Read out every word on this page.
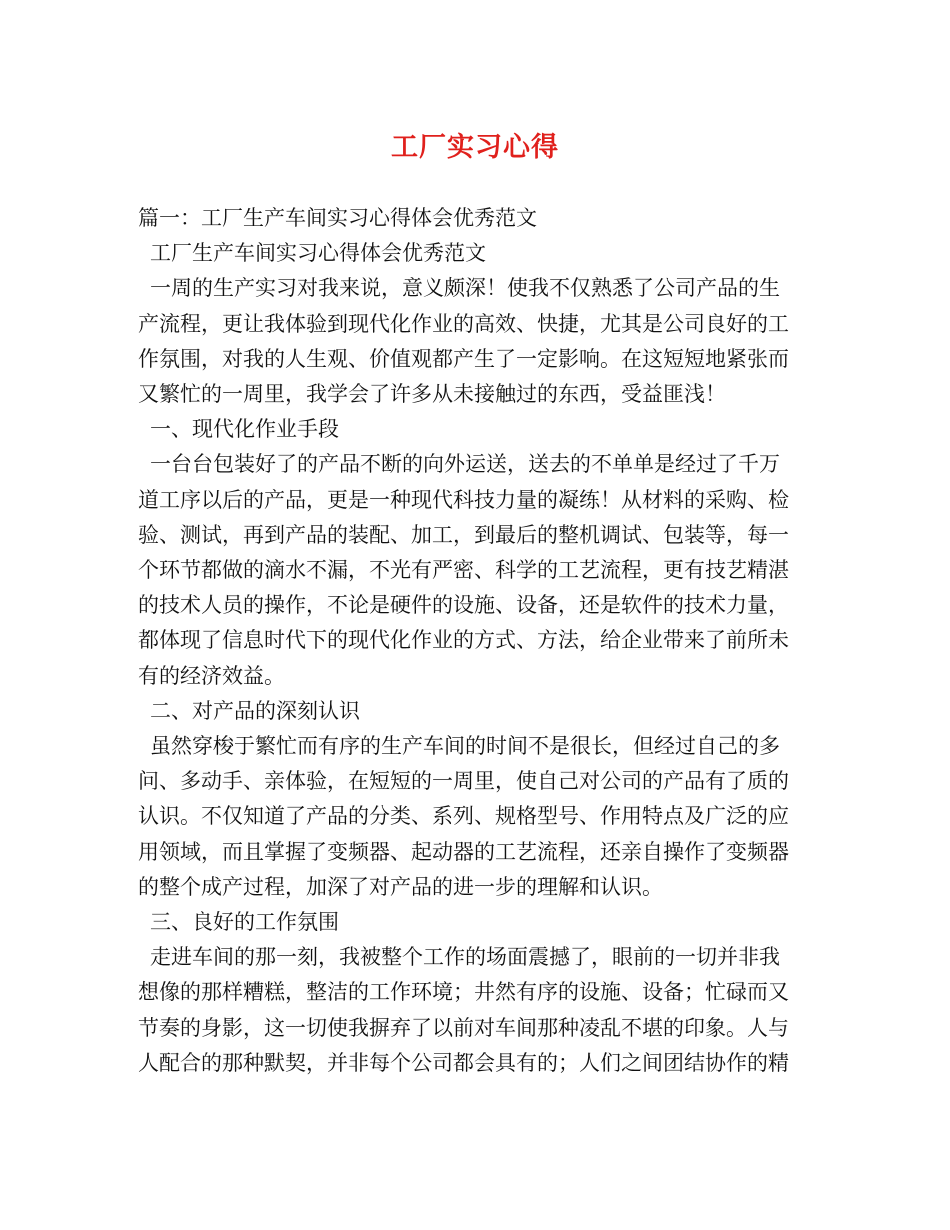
工厂实习心得
篇一：工厂生产车间实习心得体会优秀范文
工厂生产车间实习心得体会优秀范文
一周的生产实习对我来说，意义颇深！使我不仅熟悉了公司产品的生
产流程，更让我体验到现代化作业的高效、快捷，尤其是公司良好的工
作氛围，对我的人生观、价值观都产生了一定影响。在这短短地紧张而
又繁忙的一周里，我学会了许多从未接触过的东西，受益匪浅！
一、现代化作业手段
一台台包装好了的产品不断的向外运送，送去的不单单是经过了千万
道工序以后的产品，更是一种现代科技力量的凝练！从材料的采购、检
验、测试，再到产品的装配、加工，到最后的整机调试、包装等，每一
个环节都做的滴水不漏，不光有严密、科学的工艺流程，更有技艺精湛
的技术人员的操作，不论是硬件的设施、设备，还是软件的技术力量，
都体现了信息时代下的现代化作业的方式、方法，给企业带来了前所未
有的经济效益。
二、对产品的深刻认识
虽然穿梭于繁忙而有序的生产车间的时间不是很长，但经过自己的多
问、多动手、亲体验，在短短的一周里，使自己对公司的产品有了质的
认识。不仅知道了产品的分类、系列、规格型号、作用特点及广泛的应
用领域，而且掌握了变频器、起动器的工艺流程，还亲自操作了变频器
的整个成产过程，加深了对产品的进一步的理解和认识。
三、良好的工作氛围
走进车间的那一刻，我被整个工作的场面震撼了，眼前的一切并非我
想像的那样糟糕，整洁的工作环境；井然有序的设施、设备；忙碌而又
节奏的身影，这一切使我摒弃了以前对车间那种凌乱不堪的印象。人与
人配合的那种默契，并非每个公司都会具有的；人们之间团结协作的精
